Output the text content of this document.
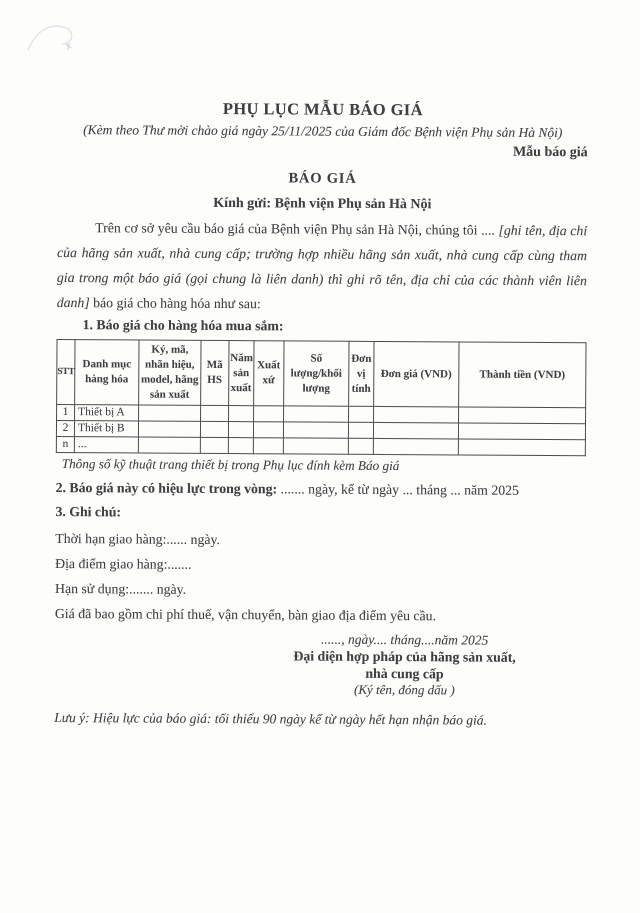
PHỤ LỤC MẪU BÁO GIÁ
(Kèm theo Thư mời chào giá ngày 25/11/2025 của Giám đốc Bệnh viện Phụ sản Hà Nội)
Mẫu báo giá
BÁO GIÁ
Kính gửi: Bệnh viện Phụ sản Hà Nội

Trên cơ sở yêu cầu báo giá của Bệnh viện Phụ sản Hà Nội, chúng tôi .... [ghi tên, địa chỉ của hãng sản xuất, nhà cung cấp; trường hợp nhiều hãng sản xuất, nhà cung cấp cùng tham gia trong một báo giá (gọi chung là liên danh) thì ghi rõ tên, địa chỉ của các thành viên liên danh] báo giá cho hàng hóa như sau:

1. Báo giá cho hàng hóa mua sắm:
STT	Danh mục hàng hóa	Ký, mã, nhãn hiệu, model, hãng sản xuất	Mã HS	Năm sản xuất	Xuất xứ	Số lượng/khối lượng	Đơn vị tính	Đơn giá (VND)	Thành tiền (VND)
1	Thiết bị A								
2	Thiết bị B								
n	...								
Thông số kỹ thuật trang thiết bị trong Phụ lục đính kèm Báo giá

2. Báo giá này có hiệu lực trong vòng: ....... ngày, kể từ ngày ... tháng ... năm 2025

3. Ghi chú:

Thời hạn giao hàng:...... ngày.

Địa điểm giao hàng:.......

Hạn sử dụng:....... ngày.

Giá đã bao gồm chi phí thuế, vận chuyển, bàn giao địa điểm yêu cầu.

......, ngày.... tháng....năm 2025
Đại diện hợp pháp của hãng sản xuất,
nhà cung cấp
(Ký tên, đóng dấu )

Lưu ý: Hiệu lực của báo giá: tối thiểu 90 ngày kể từ ngày hết hạn nhận báo giá.
